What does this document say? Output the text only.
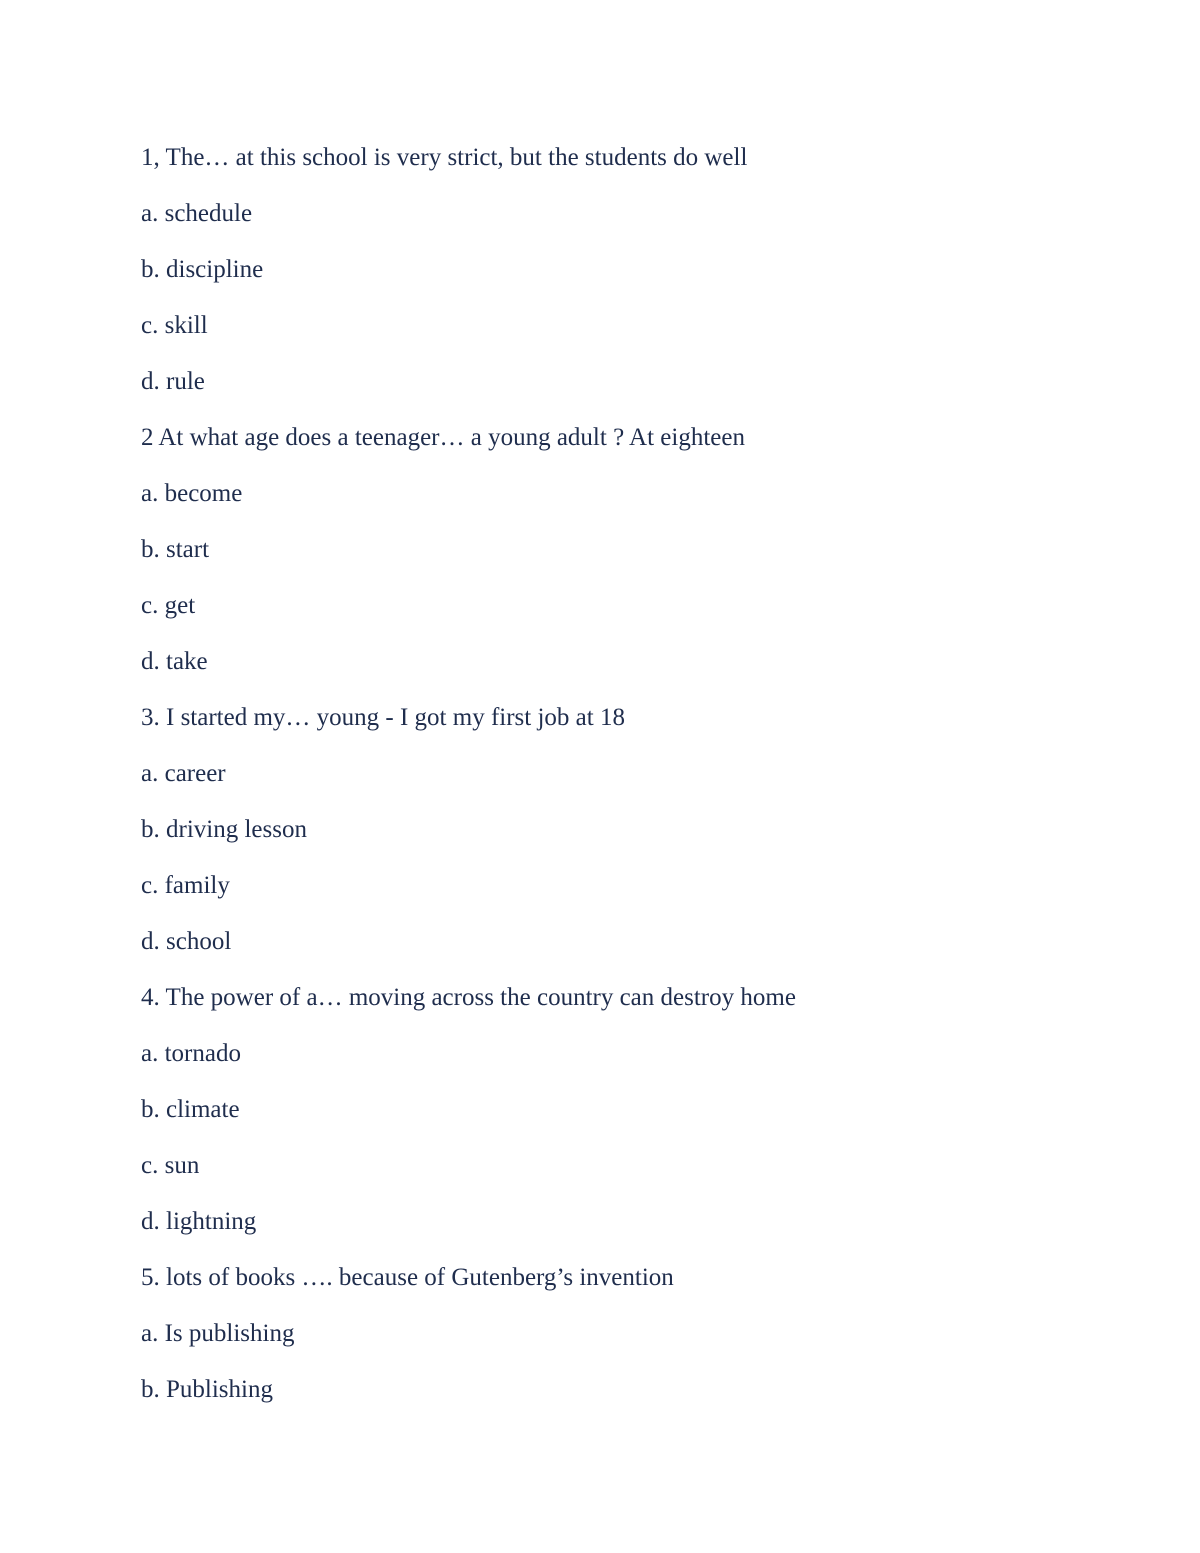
1, The… at this school is very strict, but the students do well
a. schedule
b. discipline
c. skill
d. rule
2 At what age does a teenager… a young adult ? At eighteen
a. become
b. start
c. get
d. take
3. I started my… young - I got my first job at 18
a. career
b. driving lesson
c. family
d. school
4. The power of a… moving across the country can destroy home
a. tornado
b. climate
c. sun
d. lightning
5. lots of books …. because of Gutenberg’s invention
a. Is publishing
b. Publishing
